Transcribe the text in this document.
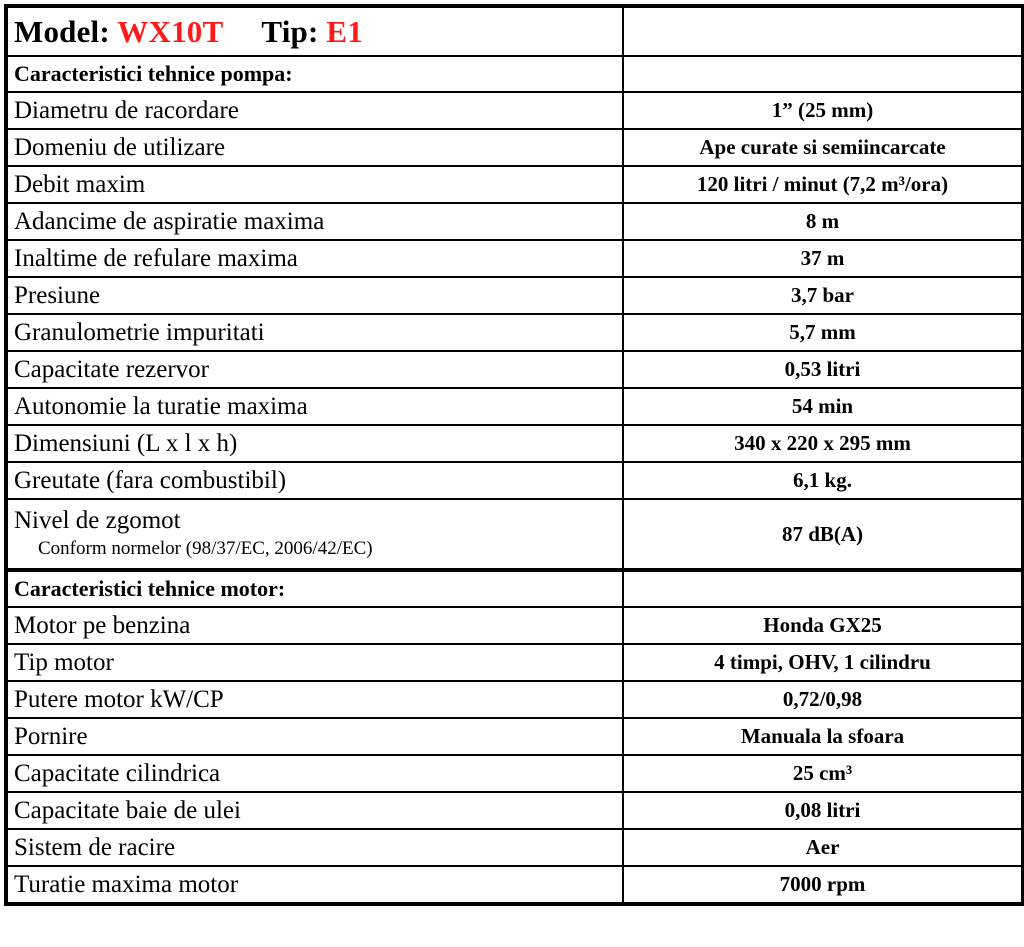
Model: WX10T Tip: E1	
Caracteristici tehnice pompa:	
Diametru de racordare	1” (25 mm)
Domeniu de utilizare	Ape curate si semiincarcate
Debit maxim	120 litri / minut (7,2 m³/ora)
Adancime de aspiratie maxima	8 m
Inaltime de refulare maxima	37 m
Presiune	3,7 bar
Granulometrie impuritati	5,7 mm
Capacitate rezervor	0,53 litri
Autonomie la turatie maxima	54 min
Dimensiuni (L x l x h)	340 x 220 x 295 mm
Greutate (fara combustibil)	6,1 kg.
Nivel de zgomot
Conform normelor (98/37/EC, 2006/42/EC)	87 dB(A)
Caracteristici tehnice motor:	
Motor pe benzina	Honda GX25
Tip motor	4 timpi, OHV, 1 cilindru
Putere motor kW/CP	0,72/0,98
Pornire	Manuala la sfoara
Capacitate cilindrica	25 cm³
Capacitate baie de ulei	0,08 litri
Sistem de racire	Aer
Turatie maxima motor	7000 rpm
